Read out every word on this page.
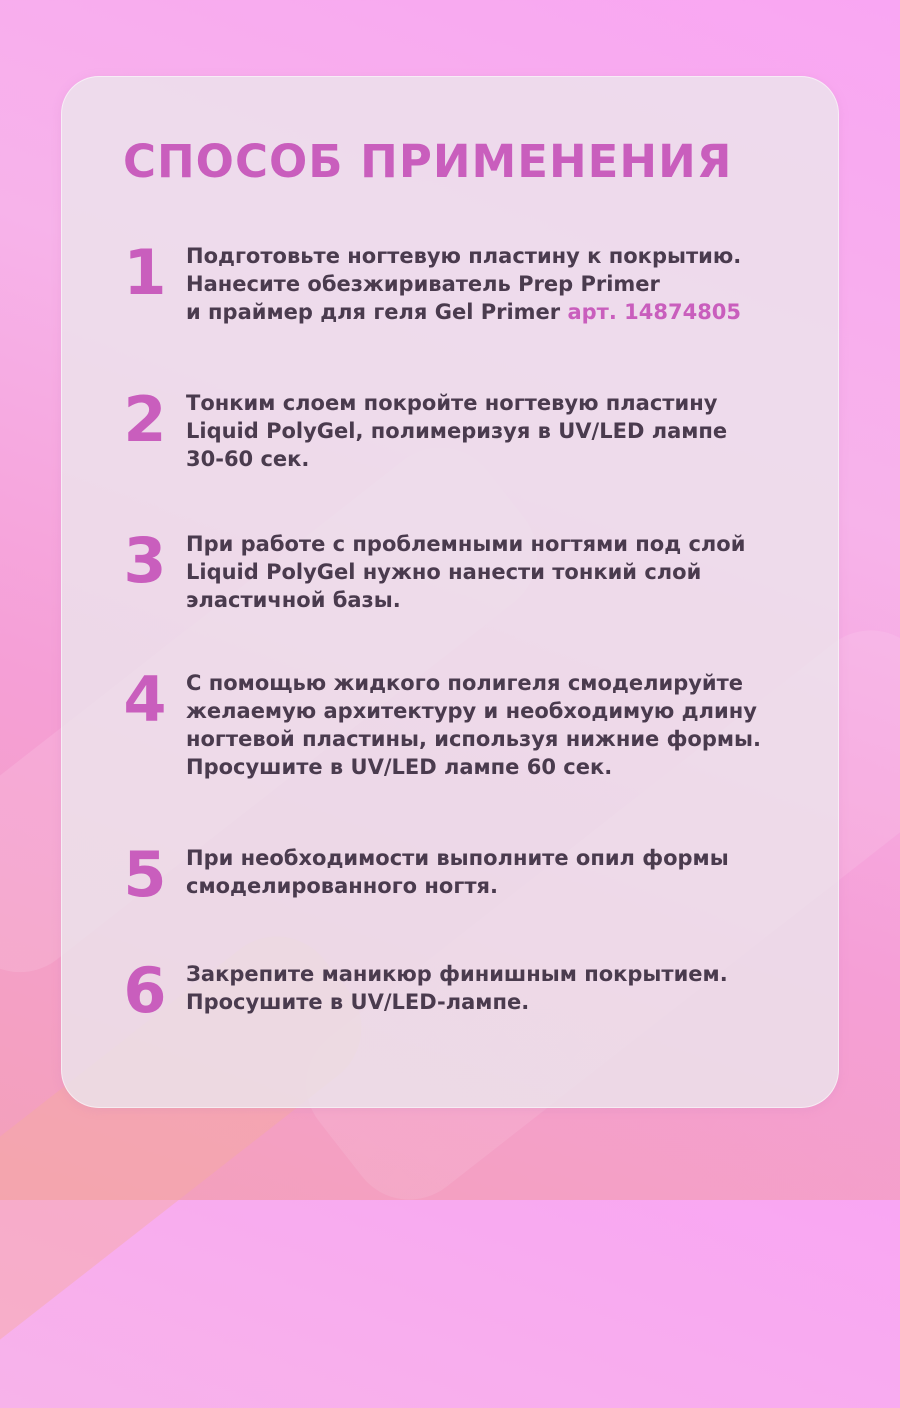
СПОСОБ ПРИМЕНЕНИЯ
1 Подготовьте ногтевую пластину к покрытию.
Нанесите обезжириватель Prep Primer
и праймер для геля Gel Primer арт. 14874805
2 Тонким слоем покройте ногтевую пластину
Liquid PolyGel, полимеризуя в UV/LED лампе
30-60 сек.
3 При работе с проблемными ногтями под слой
Liquid PolyGel нужно нанести тонкий слой
эластичной базы.
4 С помощью жидкого полигеля смоделируйте
желаемую архитектуру и необходимую длину
ногтевой пластины, используя нижние формы.
Просушите в UV/LED лампе 60 сек.
5 При необходимости выполните опил формы
смоделированного ногтя.
6 Закрепите маникюр финишным покрытием.
Просушите в UV/LED-лампе.
